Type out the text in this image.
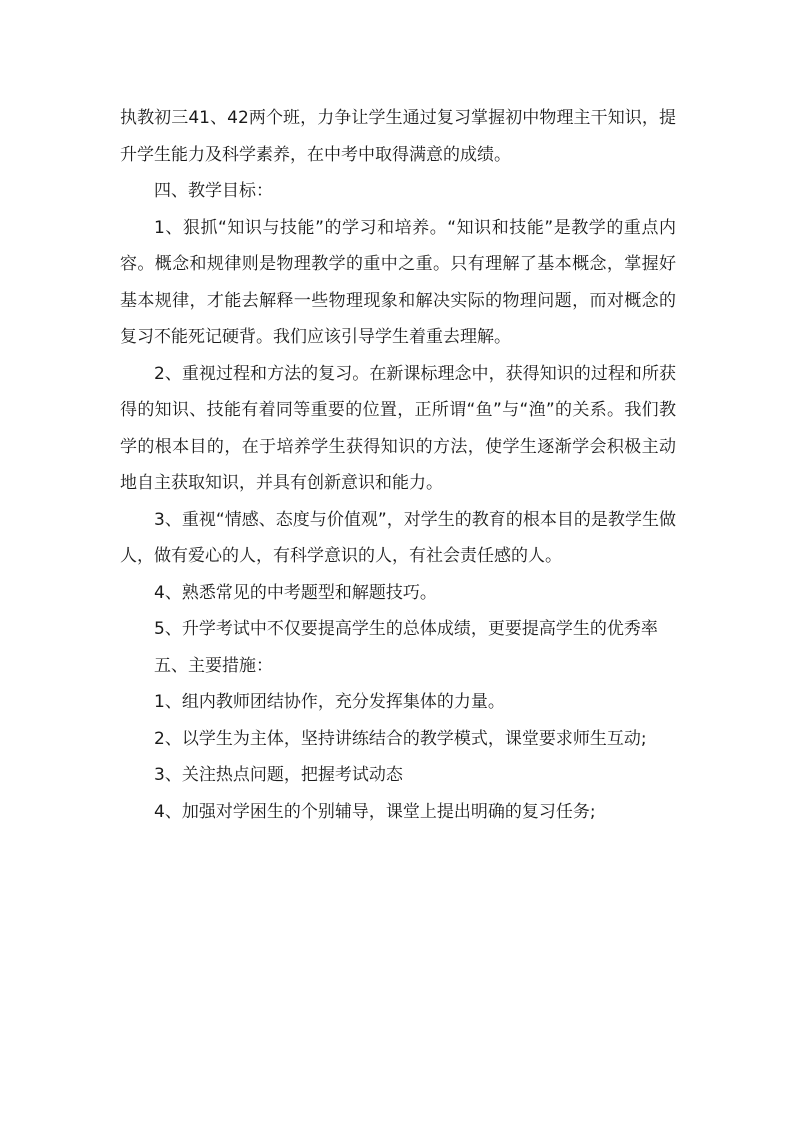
执教初三41、42两个班，力争让学生通过复习掌握初中物理主干知识，提升学生能力及科学素养，在中考中取得满意的成绩。

四、教学目标：

1、狠抓“知识与技能”的学习和培养。“知识和技能”是教学的重点内容。概念和规律则是物理教学的重中之重。只有理解了基本概念，掌握好基本规律，才能去解释一些物理现象和解决实际的物理问题，而对概念的复习不能死记硬背。我们应该引导学生着重去理解。

2、重视过程和方法的复习。在新课标理念中，获得知识的过程和所获得的知识、技能有着同等重要的位置，正所谓“鱼”与“渔”的关系。我们教学的根本目的，在于培养学生获得知识的方法，使学生逐渐学会积极主动地自主获取知识，并具有创新意识和能力。

3、重视“情感、态度与价值观”，对学生的教育的根本目的是教学生做人，做有爱心的人，有科学意识的人，有社会责任感的人。

4、熟悉常见的中考题型和解题技巧。

5、升学考试中不仅要提高学生的总体成绩，更要提高学生的优秀率

五、主要措施：

1、组内教师团结协作，充分发挥集体的力量。

2、以学生为主体，坚持讲练结合的教学模式，课堂要求师生互动;

3、关注热点问题，把握考试动态

4、加强对学困生的个别辅导，课堂上提出明确的复习任务;
